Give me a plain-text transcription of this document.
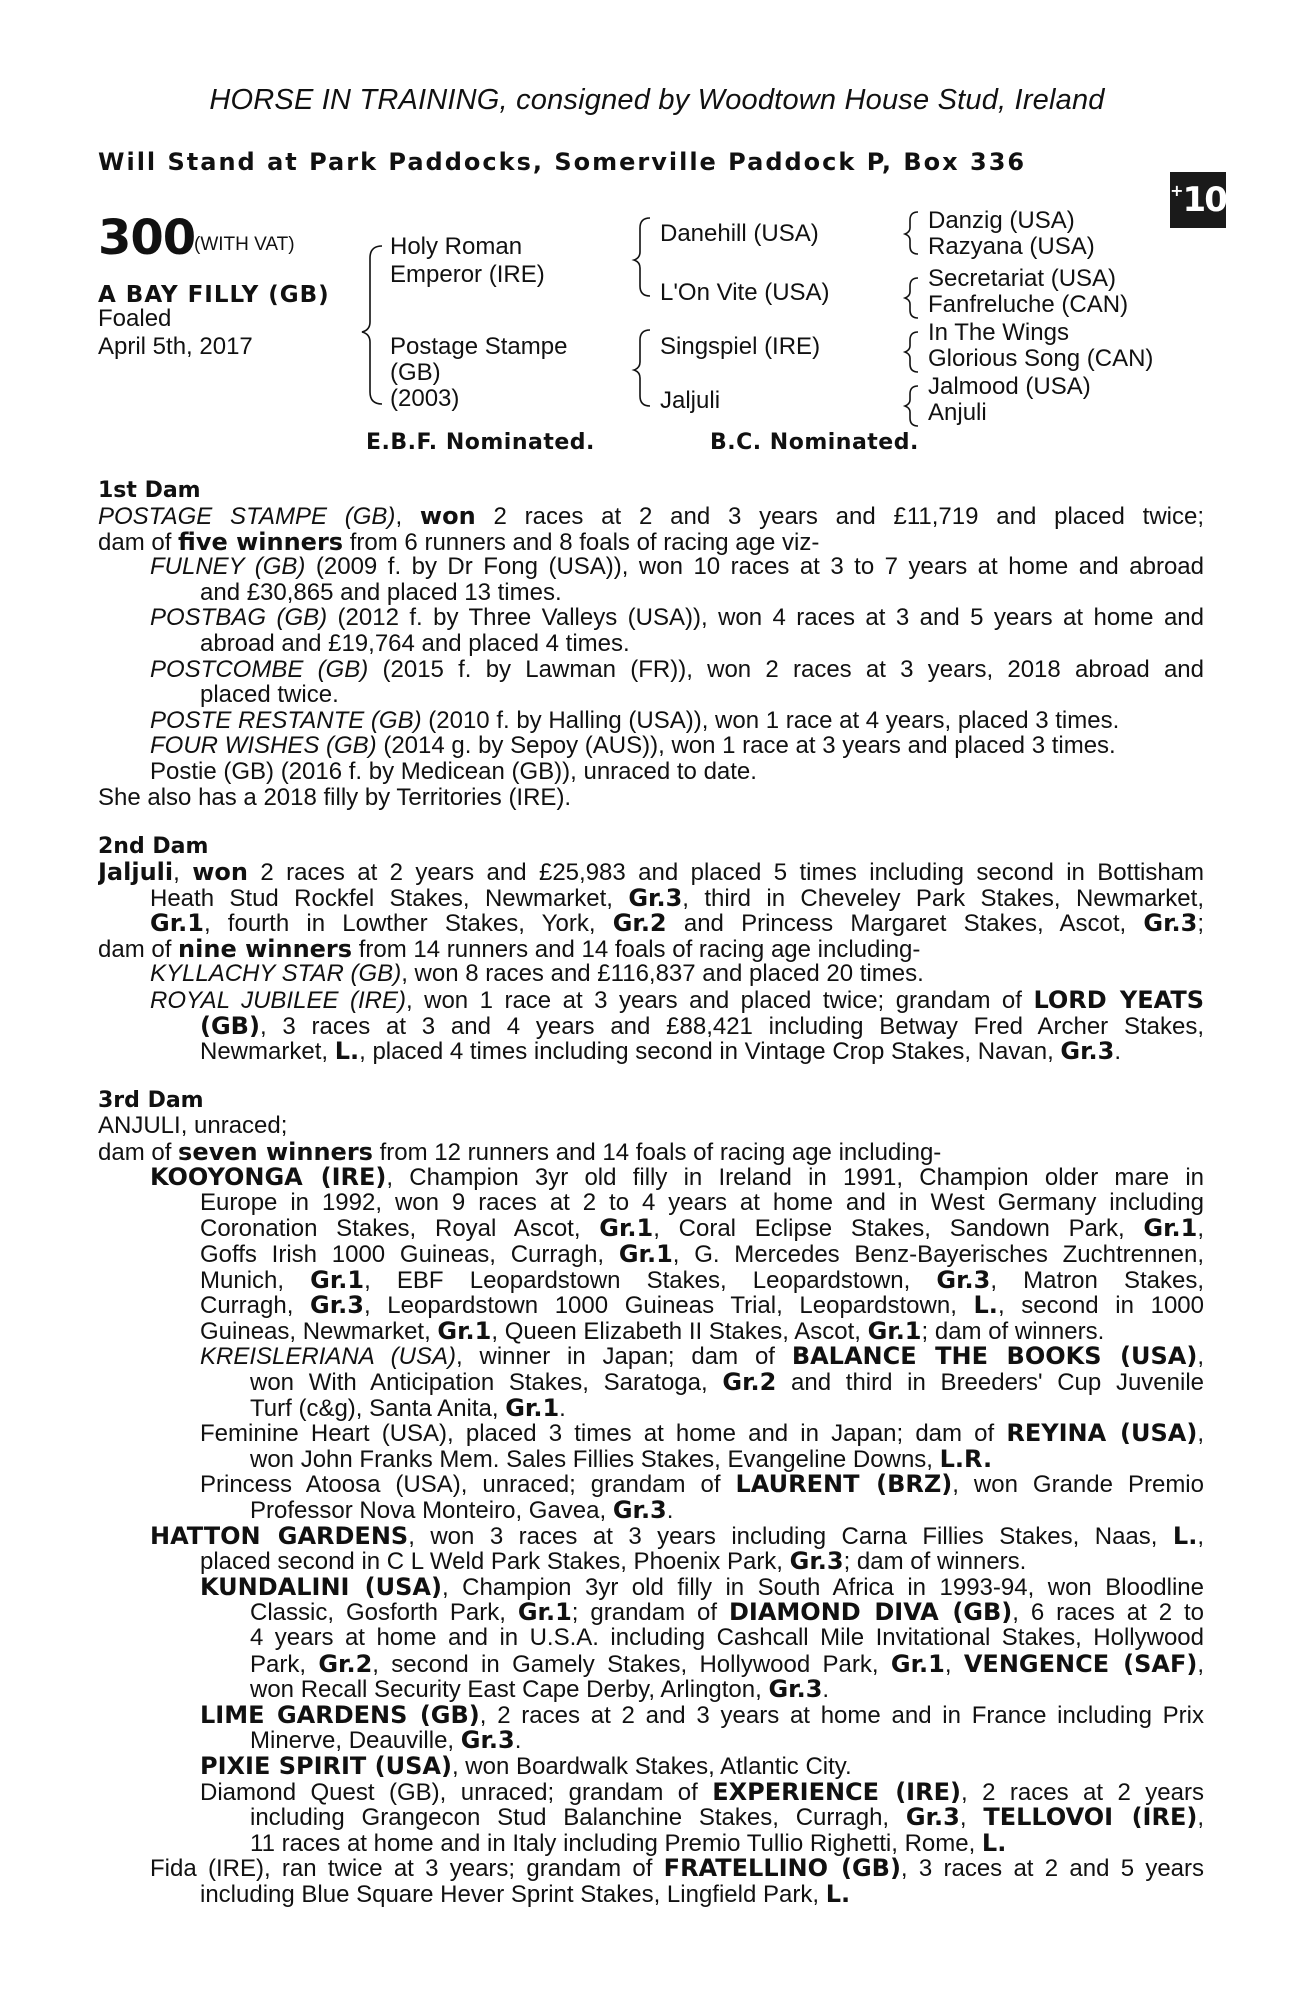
HORSE IN TRAINING, consigned by Woodtown House Stud, Ireland
Will Stand at Park Paddocks, Somerville Paddock P, Box 336
+ 10
300
(WITH VAT)
A BAY FILLY (GB)
Foaled
April 5th, 2017
Holy Roman
Emperor (IRE)
Postage Stampe
(GB)
(2003)
Danehill (USA)
L'On Vite (USA)
Singspiel (IRE)
Jaljuli
Danzig (USA)
Razyana (USA)
Secretariat (USA)
Fanfreluche (CAN)
In The Wings
Glorious Song (CAN)
Jalmood (USA)
Anjuli
E.B.F. Nominated.	B.C. Nominated.
1st Dam
POSTAGE STAMPE (GB), won 2 races at 2 and 3 years and £11,719 and placed twice;
dam of five winners from 6 runners and 8 foals of racing age viz-
FULNEY (GB) (2009 f. by Dr Fong (USA)), won 10 races at 3 to 7 years at home and abroad
and £30,865 and placed 13 times.
POSTBAG (GB) (2012 f. by Three Valleys (USA)), won 4 races at 3 and 5 years at home and
abroad and £19,764 and placed 4 times.
POSTCOMBE (GB) (2015 f. by Lawman (FR)), won 2 races at 3 years, 2018 abroad and
placed twice.
POSTE RESTANTE (GB) (2010 f. by Halling (USA)), won 1 race at 4 years, placed 3 times.
FOUR WISHES (GB) (2014 g. by Sepoy (AUS)), won 1 race at 3 years and placed 3 times.
Postie (GB) (2016 f. by Medicean (GB)), unraced to date.
She also has a 2018 filly by Territories (IRE).
2nd Dam
Jaljuli, won 2 races at 2 years and £25,983 and placed 5 times including second in Bottisham
Heath Stud Rockfel Stakes, Newmarket, Gr.3, third in Cheveley Park Stakes, Newmarket,
Gr.1, fourth in Lowther Stakes, York, Gr.2 and Princess Margaret Stakes, Ascot, Gr.3;
dam of nine winners from 14 runners and 14 foals of racing age including-
KYLLACHY STAR (GB), won 8 races and £116,837 and placed 20 times.
ROYAL JUBILEE (IRE), won 1 race at 3 years and placed twice; grandam of LORD YEATS
(GB), 3 races at 3 and 4 years and £88,421 including Betway Fred Archer Stakes,
Newmarket, L., placed 4 times including second in Vintage Crop Stakes, Navan, Gr.3.
3rd Dam
ANJULI, unraced;
dam of seven winners from 12 runners and 14 foals of racing age including-
KOOYONGA (IRE), Champion 3yr old filly in Ireland in 1991, Champion older mare in
Europe in 1992, won 9 races at 2 to 4 years at home and in West Germany including
Coronation Stakes, Royal Ascot, Gr.1, Coral Eclipse Stakes, Sandown Park, Gr.1,
Goffs Irish 1000 Guineas, Curragh, Gr.1, G. Mercedes Benz-Bayerisches Zuchtrennen,
Munich, Gr.1, EBF Leopardstown Stakes, Leopardstown, Gr.3, Matron Stakes,
Curragh, Gr.3, Leopardstown 1000 Guineas Trial, Leopardstown, L., second in 1000
Guineas, Newmarket, Gr.1, Queen Elizabeth II Stakes, Ascot, Gr.1; dam of winners.
KREISLERIANA (USA), winner in Japan; dam of BALANCE THE BOOKS (USA),
won With Anticipation Stakes, Saratoga, Gr.2 and third in Breeders' Cup Juvenile
Turf (c&g), Santa Anita, Gr.1.
Feminine Heart (USA), placed 3 times at home and in Japan; dam of REYINA (USA),
won John Franks Mem. Sales Fillies Stakes, Evangeline Downs, L.R.
Princess Atoosa (USA), unraced; grandam of LAURENT (BRZ), won Grande Premio
Professor Nova Monteiro, Gavea, Gr.3.
HATTON GARDENS, won 3 races at 3 years including Carna Fillies Stakes, Naas, L.,
placed second in C L Weld Park Stakes, Phoenix Park, Gr.3; dam of winners.
KUNDALINI (USA), Champion 3yr old filly in South Africa in 1993-94, won Bloodline
Classic, Gosforth Park, Gr.1; grandam of DIAMOND DIVA (GB), 6 races at 2 to
4 years at home and in U.S.A. including Cashcall Mile Invitational Stakes, Hollywood
Park, Gr.2, second in Gamely Stakes, Hollywood Park, Gr.1, VENGENCE (SAF),
won Recall Security East Cape Derby, Arlington, Gr.3.
LIME GARDENS (GB), 2 races at 2 and 3 years at home and in France including Prix
Minerve, Deauville, Gr.3.
PIXIE SPIRIT (USA), won Boardwalk Stakes, Atlantic City.
Diamond Quest (GB), unraced; grandam of EXPERIENCE (IRE), 2 races at 2 years
including Grangecon Stud Balanchine Stakes, Curragh, Gr.3, TELLOVOI (IRE),
11 races at home and in Italy including Premio Tullio Righetti, Rome, L.
Fida (IRE), ran twice at 3 years; grandam of FRATELLINO (GB), 3 races at 2 and 5 years
including Blue Square Hever Sprint Stakes, Lingfield Park, L.
